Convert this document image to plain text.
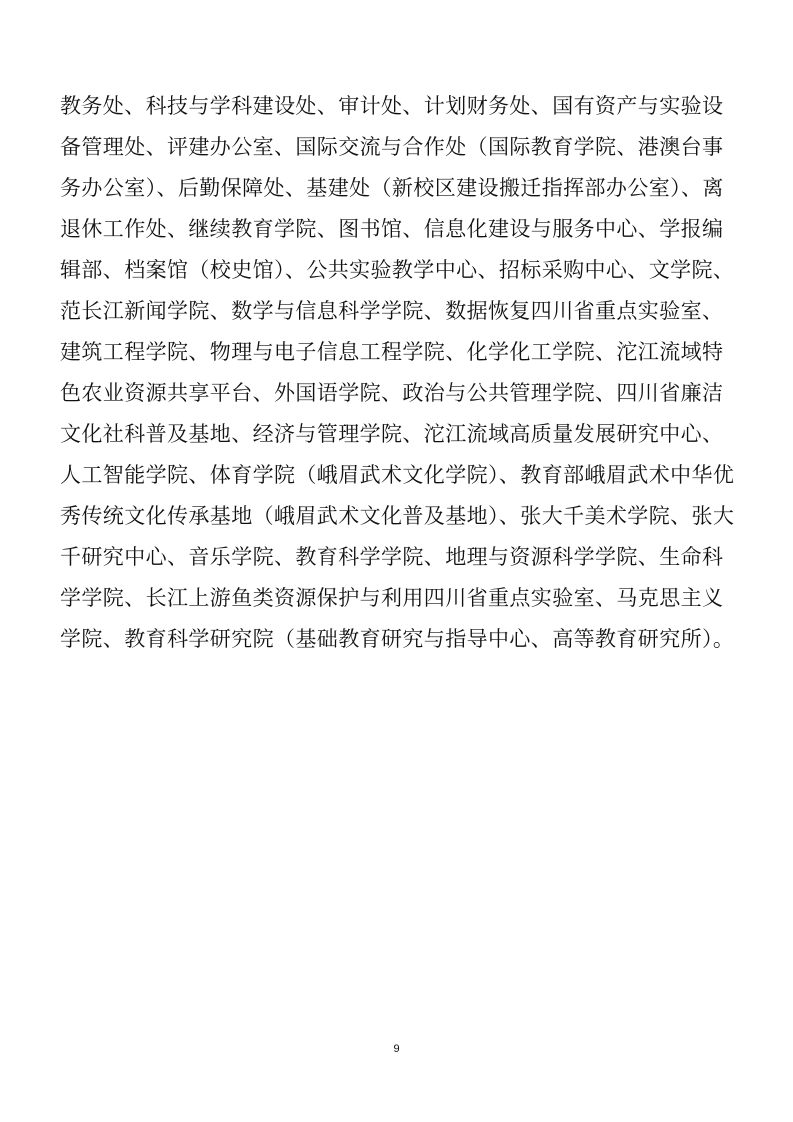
教务处、科技与学科建设处、审计处、计划财务处、国有资产与实验设
备管理处、评建办公室、国际交流与合作处（国际教育学院、港澳台事
务办公室）、后勤保障处、基建处（新校区建设搬迁指挥部办公室）、离
退休工作处、继续教育学院、图书馆、信息化建设与服务中心、学报编
辑部、档案馆（校史馆）、公共实验教学中心、招标采购中心、文学院、
范长江新闻学院、数学与信息科学学院、数据恢复四川省重点实验室、
建筑工程学院、物理与电子信息工程学院、化学化工学院、沱江流域特
色农业资源共享平台、外国语学院、政治与公共管理学院、四川省廉洁
文化社科普及基地、经济与管理学院、沱江流域高质量发展研究中心、
人工智能学院、体育学院（峨眉武术文化学院）、教育部峨眉武术中华优
秀传统文化传承基地（峨眉武术文化普及基地）、张大千美术学院、张大
千研究中心、音乐学院、教育科学学院、地理与资源科学学院、生命科
学学院、长江上游鱼类资源保护与利用四川省重点实验室、马克思主义
学院、教育科学研究院（基础教育研究与指导中心、高等教育研究所）。
9
